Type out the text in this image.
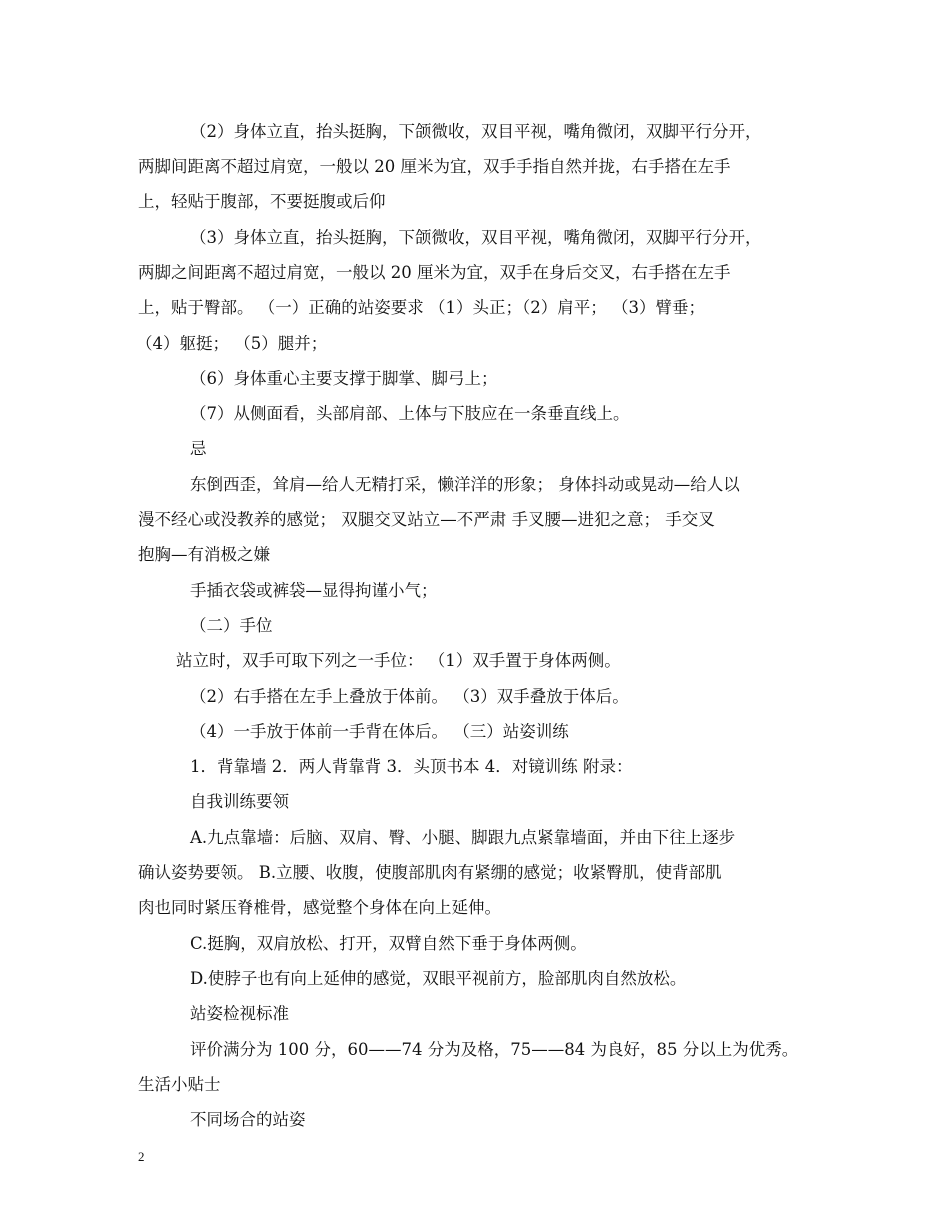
（2）身体立直，抬头挺胸，下颌微收，双目平视，嘴角微闭，双脚平行分开，
两脚间距离不超过肩宽，一般以 20 厘米为宜，双手手指自然并拢，右手搭在左手
上，轻贴于腹部，不要挺腹或后仰
（3）身体立直，抬头挺胸，下颌微收，双目平视，嘴角微闭，双脚平行分开，
两脚之间距离不超过肩宽，一般以 20 厘米为宜，双手在身后交叉，右手搭在左手
上，贴于臀部。 （一）正确的站姿要求 （1）头正；（2）肩平； （3）臂垂；
（4）躯挺； （5）腿并；
（6）身体重心主要支撑于脚掌、脚弓上；
（7）从侧面看，头部肩部、上体与下肢应在一条垂直线上。
忌
东倒西歪，耸肩—给人无精打采，懒洋洋的形象； 身体抖动或晃动—给人以
漫不经心或没教养的感觉； 双腿交叉站立—不严肃 手叉腰—进犯之意； 手交叉
抱胸—有消极之嫌
手插衣袋或裤袋—显得拘谨小气；
（二）手位
站立时，双手可取下列之一手位： （1）双手置于身体两侧。
（2）右手搭在左手上叠放于体前。 （3）双手叠放于体后。
（4）一手放于体前一手背在体后。 （三）站姿训练
1．背靠墙 2．两人背靠背 3．头顶书本 4．对镜训练 附录：
自我训练要领
A.九点靠墙：后脑、双肩、臀、小腿、脚跟九点紧靠墙面，并由下往上逐步
确认姿势要领。 B.立腰、收腹，使腹部肌肉有紧绷的感觉；收紧臀肌，使背部肌
肉也同时紧压脊椎骨，感觉整个身体在向上延伸。
C.挺胸，双肩放松、打开，双臂自然下垂于身体两侧。
D.使脖子也有向上延伸的感觉，双眼平视前方，脸部肌肉自然放松。
站姿检视标准
评价满分为 100 分，60——74 分为及格，75——84 为良好，85 分以上为优秀。
生活小贴士
不同场合的站姿
2
